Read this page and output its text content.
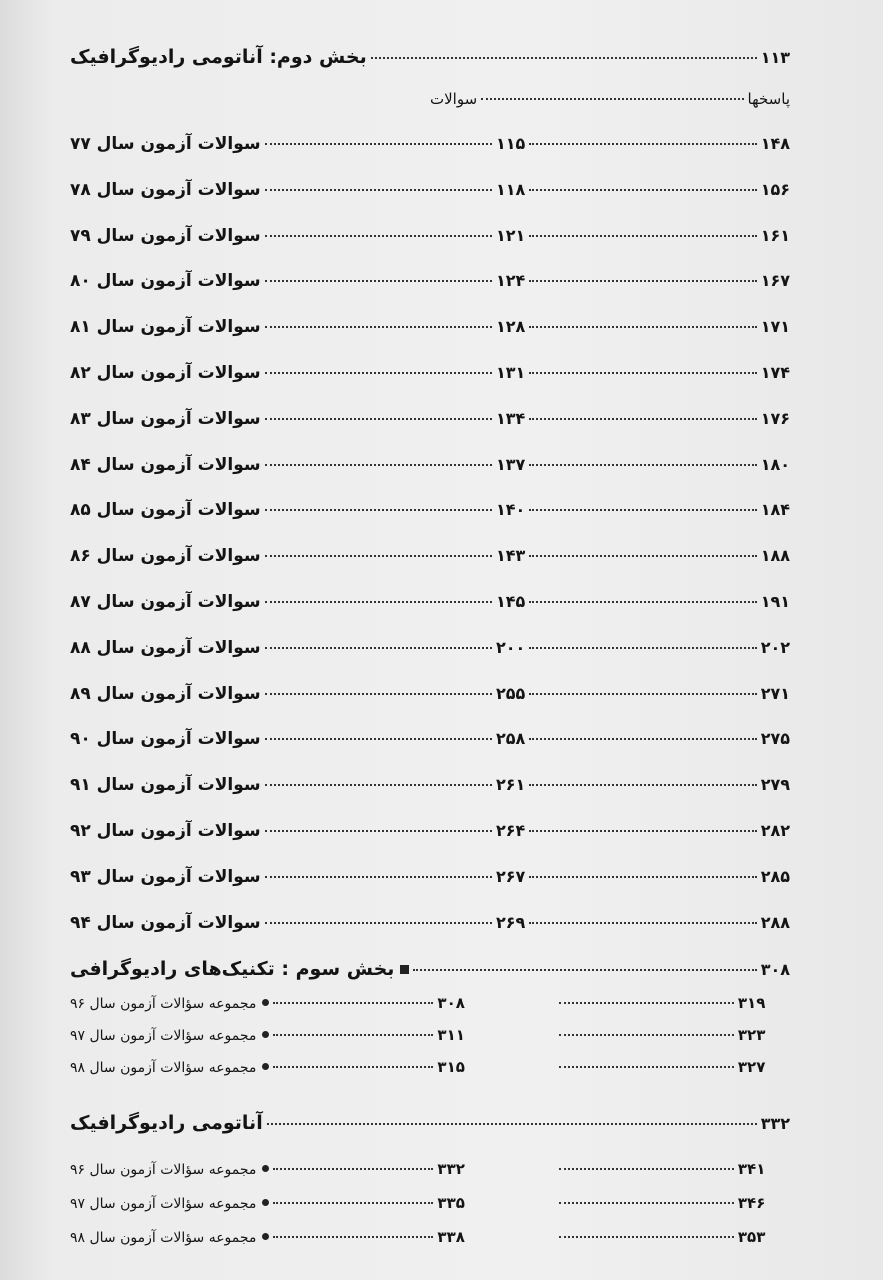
بخش دوم: آناتومی رادیوگرافیک	۱۱۳
سوالات	پاسخها
سوالات آزمون سال ۷۷	۱۱۵	۱۴۸
سوالات آزمون سال ۷۸	۱۱۸	۱۵۶
سوالات آزمون سال ۷۹	۱۲۱	۱۶۱
سوالات آزمون سال ۸۰	۱۲۴	۱۶۷
سوالات آزمون سال ۸۱	۱۲۸	۱۷۱
سوالات آزمون سال ۸۲	۱۳۱	۱۷۴
سوالات آزمون سال ۸۳	۱۳۴	۱۷۶
سوالات آزمون سال ۸۴	۱۳۷	۱۸۰
سوالات آزمون سال ۸۵	۱۴۰	۱۸۴
سوالات آزمون سال ۸۶	۱۴۳	۱۸۸
سوالات آزمون سال ۸۷	۱۴۵	۱۹۱
سوالات آزمون سال ۸۸	۲۰۰	۲۰۲
سوالات آزمون سال ۸۹	۲۵۵	۲۷۱
سوالات آزمون سال ۹۰	۲۵۸	۲۷۵
سوالات آزمون سال ۹۱	۲۶۱	۲۷۹
سوالات آزمون سال ۹۲	۲۶۴	۲۸۲
سوالات آزمون سال ۹۳	۲۶۷	۲۸۵
سوالات آزمون سال ۹۴	۲۶۹	۲۸۸
بخش سوم : تکنیک‌های رادیوگرافی	۳۰۸
مجموعه سؤالات آزمون سال ۹۶	۳۰۸	۳۱۹
مجموعه سؤالات آزمون سال ۹۷	۳۱۱	۳۲۳
مجموعه سؤالات آزمون سال ۹۸	۳۱۵	۳۲۷
آناتومی رادیوگرافیک	۳۳۲
مجموعه سؤالات آزمون سال ۹۶	۳۳۲	۳۴۱
مجموعه سؤالات آزمون سال ۹۷	۳۳۵	۳۴۶
مجموعه سؤالات آزمون سال ۹۸	۳۳۸	۳۵۳
